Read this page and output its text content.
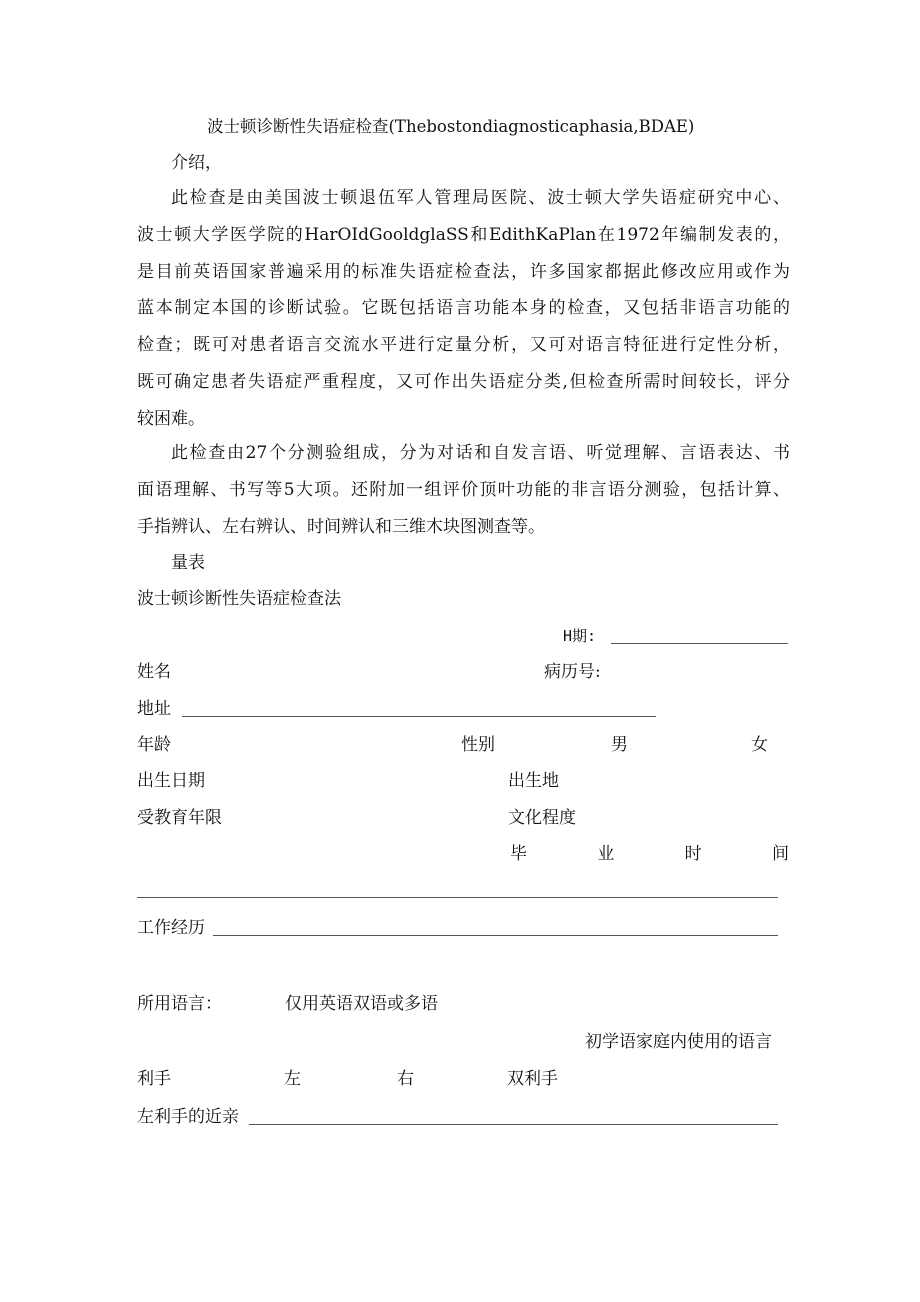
波士顿诊断性失语症检查(Thebostondiagnosticaphasia,BDAE)
介绍，
此检查是由美国波士顿退伍军人管理局医院、波士顿大学失语症研究中心、
波士顿大学医学院的HarOIdGooldglaSS和EdithKaPlan在1972年编制发表的，
是目前英语国家普遍采用的标准失语症检查法，许多国家都据此修改应用或作为
蓝本制定本国的诊断试验。它既包括语言功能本身的检查，又包括非语言功能的
检查；既可对患者语言交流水平进行定量分析，又可对语言特征进行定性分析，
既可确定患者失语症严重程度，又可作出失语症分类,但检查所需时间较长，评分
较困难。
此检查由27个分测验组成，分为对话和自发言语、听觉理解、言语表达、书
面语理解、书写等5大项。还附加一组评价顶叶功能的非言语分测验，包括计算、
手指辨认、左右辨认、时间辨认和三维木块图测查等。
量表
波士顿诊断性失语症检查法
H期:
姓名	病历号:
地址
年龄	性别	男	女
出生日期	出生地
受教育年限	文化程度
毕	业	时	间
工作经历
所用语言：	仅用英语双语或多语
初学语家庭内使用的语言
利手	左	右	双利手
左利手的近亲
